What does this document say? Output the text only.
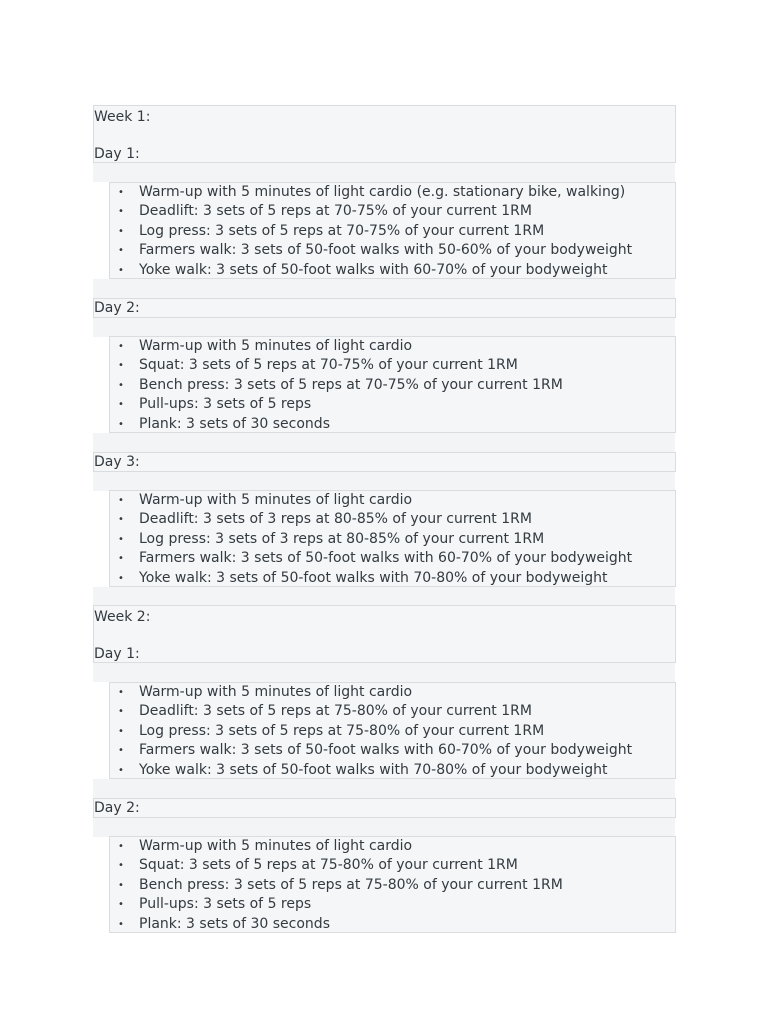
Week 1:

Day 1:

• Warm-up with 5 minutes of light cardio (e.g. stationary bike, walking)
• Deadlift: 3 sets of 5 reps at 70-75% of your current 1RM
• Log press: 3 sets of 5 reps at 70-75% of your current 1RM
• Farmers walk: 3 sets of 50-foot walks with 50-60% of your bodyweight
• Yoke walk: 3 sets of 50-foot walks with 60-70% of your bodyweight

Day 2:

• Warm-up with 5 minutes of light cardio
• Squat: 3 sets of 5 reps at 70-75% of your current 1RM
• Bench press: 3 sets of 5 reps at 70-75% of your current 1RM
• Pull-ups: 3 sets of 5 reps
• Plank: 3 sets of 30 seconds

Day 3:

• Warm-up with 5 minutes of light cardio
• Deadlift: 3 sets of 3 reps at 80-85% of your current 1RM
• Log press: 3 sets of 3 reps at 80-85% of your current 1RM
• Farmers walk: 3 sets of 50-foot walks with 60-70% of your bodyweight
• Yoke walk: 3 sets of 50-foot walks with 70-80% of your bodyweight

Week 2:

Day 1:

• Warm-up with 5 minutes of light cardio
• Deadlift: 3 sets of 5 reps at 75-80% of your current 1RM
• Log press: 3 sets of 5 reps at 75-80% of your current 1RM
• Farmers walk: 3 sets of 50-foot walks with 60-70% of your bodyweight
• Yoke walk: 3 sets of 50-foot walks with 70-80% of your bodyweight

Day 2:

• Warm-up with 5 minutes of light cardio
• Squat: 3 sets of 5 reps at 75-80% of your current 1RM
• Bench press: 3 sets of 5 reps at 75-80% of your current 1RM
• Pull-ups: 3 sets of 5 reps
• Plank: 3 sets of 30 seconds
